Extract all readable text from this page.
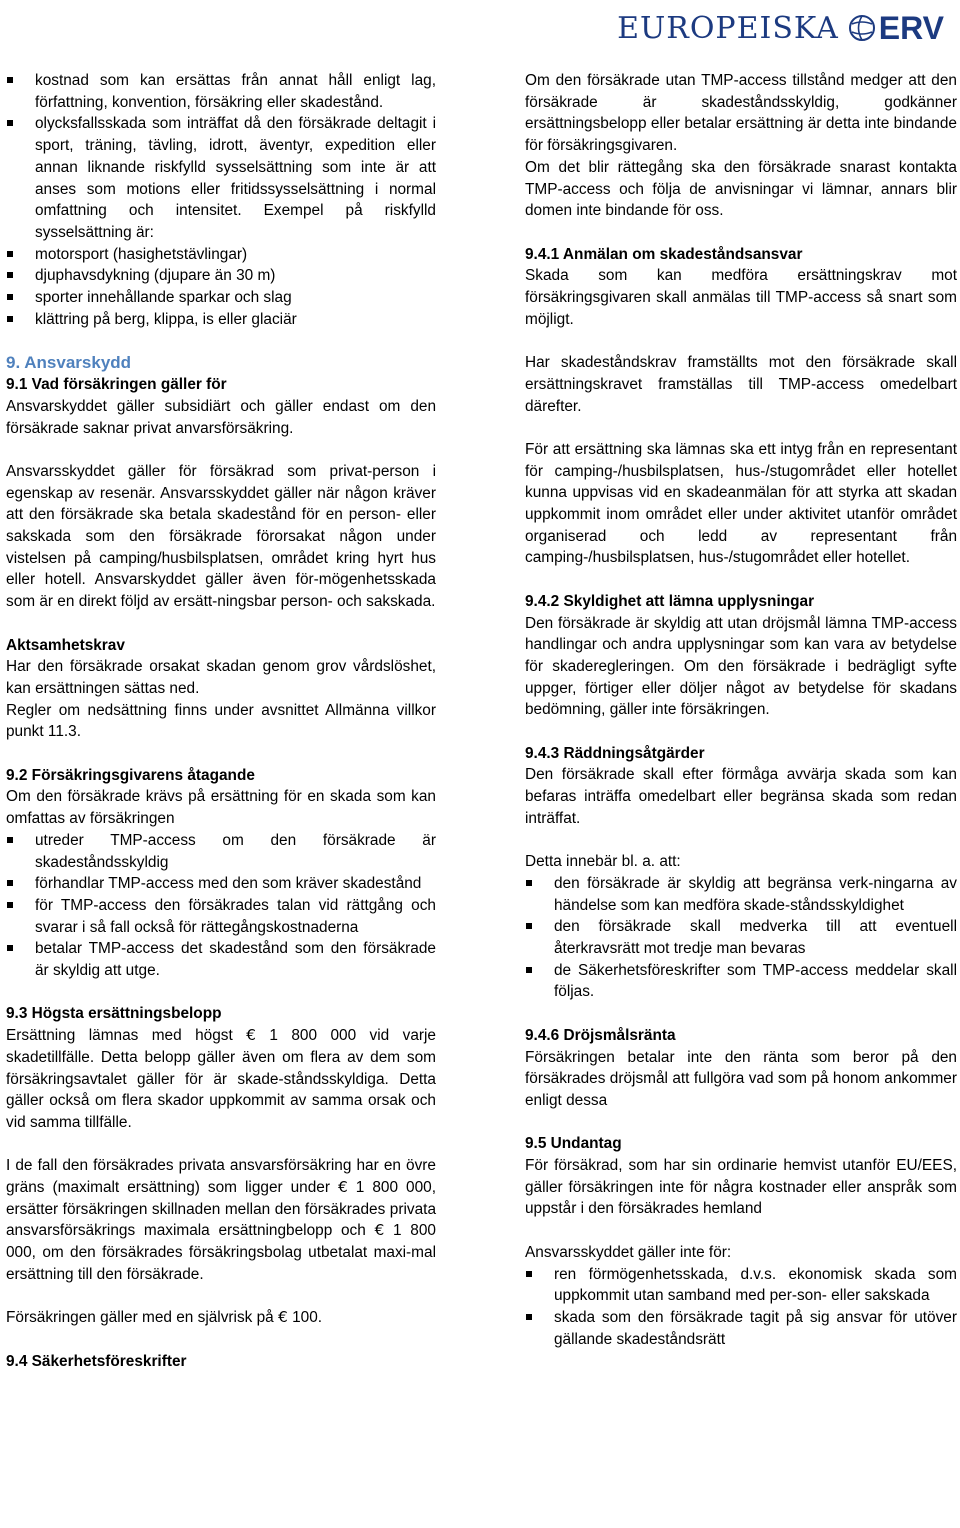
EUROPEISKA ERV
kostnad som kan ersättas från annat håll enligt lag, författning, konvention, försäkring eller skadestånd.
olycksfallsskada som inträffat då den försäkrade deltagit i sport, träning, tävling, idrott, äventyr, expedition eller annan liknande riskfylld sysselsättning som inte är att anses som motions eller fritidssysselsättning i normal omfattning och intensitet. Exempel på riskfylld sysselsättning är:
motorsport (hasighetstävlingar)
djuphavsdykning (djupare än 30 m)
sporter innehållande sparkar och slag
klättring på berg, klippa, is eller glaciär
9. Ansvarskydd
9.1 Vad försäkringen gäller för

Ansvarskyddet gäller subsidiärt och gäller endast om den försäkrade saknar privat anvarsförsäkring.

Ansvarsskyddet gäller för försäkrad som privat-person i egenskap av resenär. Ansvarsskyddet gäller när någon kräver att den försäkrade ska betala skadestånd för en person- eller sakskada som den försäkrade förorsakat någon under vistelsen på camping/husbilsplatsen, området kring hyrt hus eller hotell. Ansvarskyddet gäller även för-mögenhetsskada som är en direkt följd av ersätt-ningsbar person- och sakskada.

Aktsamhetskrav

Har den försäkrade orsakat skadan genom grov vårdslöshet, kan ersättningen sättas ned.

Regler om nedsättning finns under avsnittet Allmänna villkor punkt 11.3.

9.2 Försäkringsgivarens åtagande

Om den försäkrade krävs på ersättning för en skada som kan omfattas av försäkringen

utreder TMP-access om den försäkrade är skadeståndsskyldig
förhandlar TMP-access med den som kräver skadestånd
för TMP-access den försäkrades talan vid rättgång och svarar i så fall också för rättegångskostnaderna
betalar TMP-access det skadestånd som den försäkrade är skyldig att utge.
9.3 Högsta ersättningsbelopp

Ersättning lämnas med högst € 1 800 000 vid varje skadetillfälle. Detta belopp gäller även om flera av dem som försäkringsavtalet gäller för är skade-ståndsskyldiga. Detta gäller också om flera skador uppkommit av samma orsak och vid samma tillfälle.

I de fall den försäkrades privata ansvarsförsäkring har en övre gräns (maximalt ersättning) som ligger under € 1 800 000, ersätter försäkringen skillnaden mellan den försäkrades privata ansvarsförsäkrings maximala ersättningbelopp och € 1 800 000, om den försäkrades försäkringsbolag utbetalat maxi-mal ersättning till den försäkrade.

Försäkringen gäller med en självrisk på € 100.

9.4 Säkerhetsföreskrifter

Om den försäkrade utan TMP-access tillstånd medger att den försäkrade är skadeståndsskyldig, godkänner ersättningsbelopp eller betalar ersättning är detta inte bindande för försäkringsgivaren.

Om det blir rättegång ska den försäkrade snarast kontakta TMP-access och följa de anvisningar vi lämnar, annars blir domen inte bindande för oss.

9.4.1 Anmälan om skadeståndsansvar

Skada som kan medföra ersättningskrav mot försäkringsgivaren skall anmälas till TMP-access så snart som möjligt.

Har skadeståndskrav framställts mot den försäkrade skall ersättningskravet framställas till TMP-access omedelbart därefter.

För att ersättning ska lämnas ska ett intyg från en representant för camping-/husbilsplatsen, hus-/stugområdet eller hotellet kunna uppvisas vid en skadeanmälan för att styrka att skadan uppkommit inom området eller under aktivitet utanför området organiserad och ledd av representant från camping-/husbilsplatsen, hus-/stugområdet eller hotellet.

9.4.2 Skyldighet att lämna upplysningar

Den försäkrade är skyldig att utan dröjsmål lämna TMP-access handlingar och andra upplysningar som kan vara av betydelse för skaderegleringen. Om den försäkrade i bedrägligt syfte uppger, förtiger eller döljer något av betydelse för skadans bedömning, gäller inte försäkringen.

9.4.3 Räddningsåtgärder

Den försäkrade skall efter förmåga avvärja skada som kan befaras inträffa omedelbart eller begränsa skada som redan inträffat.

Detta innebär bl. a. att:

den försäkrade är skyldig att begränsa verk-ningarna av händelse som kan medföra skade-ståndsskyldighet
den försäkrade skall medverka till att eventuell återkravsrätt mot tredje man bevaras
de Säkerhetsföreskrifter som TMP-access meddelar skall följas.
9.4.6 Dröjsmålsränta

Försäkringen betalar inte den ränta som beror på den försäkrades dröjsmål att fullgöra vad som på honom ankommer enligt dessa

9.5 Undantag

För försäkrad, som har sin ordinarie hemvist utanför EU/EES, gäller försäkringen inte för några kostnader eller anspråk som uppstår i den försäkrades hemland

Ansvarsskyddet gäller inte för:

ren förmögenhetsskada, d.v.s. ekonomisk skada som uppkommit utan samband med per-son- eller sakskada
skada som den försäkrade tagit på sig ansvar för utöver gällande skadeståndsrätt
